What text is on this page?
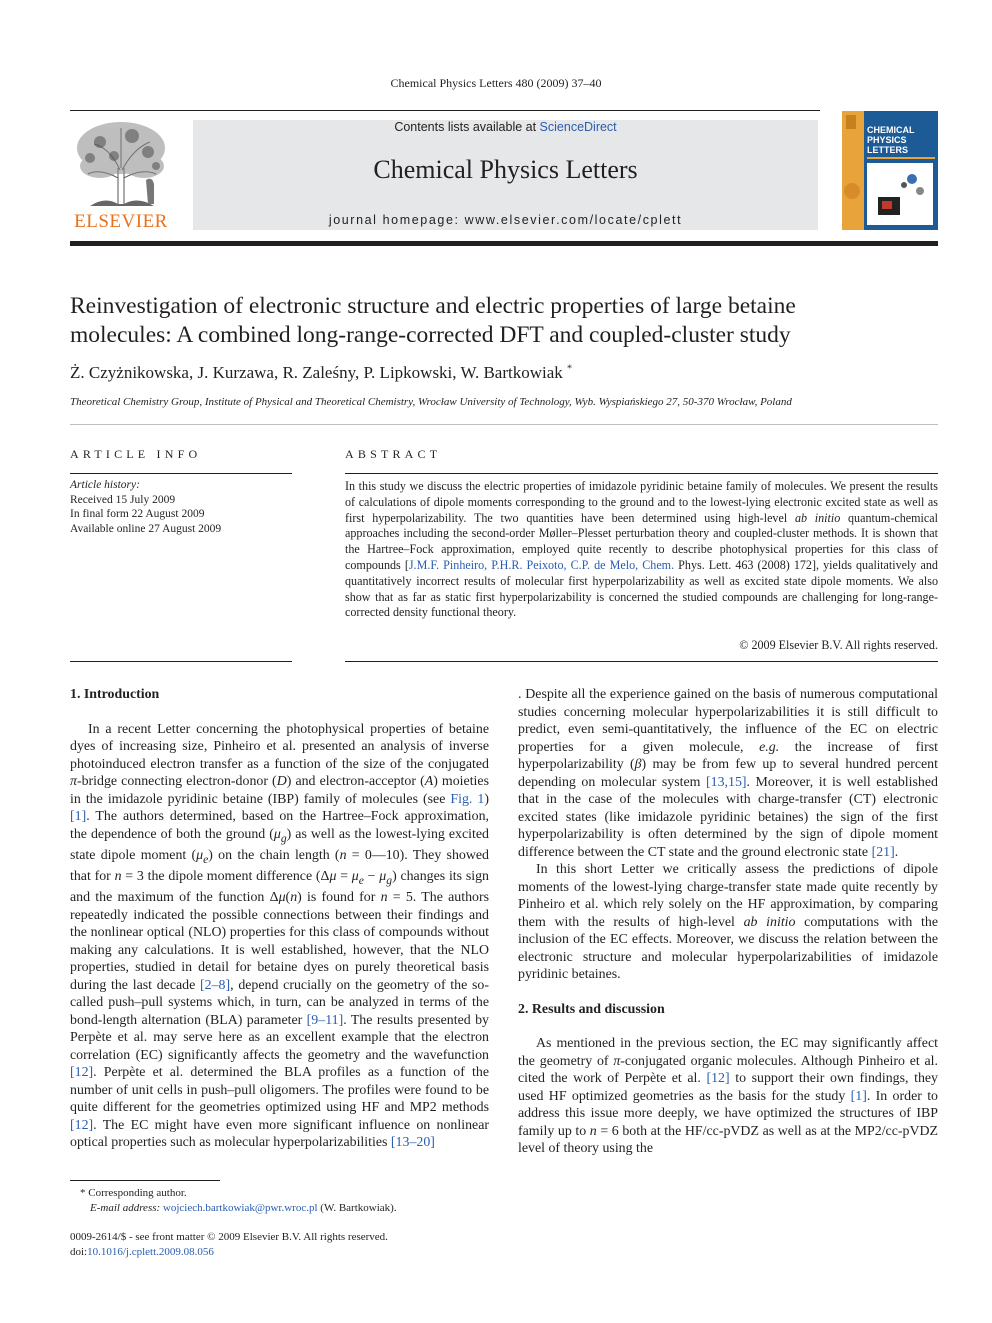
Chemical Physics Letters 480 (2009) 37–40
ELSEVIER
Contents lists available at ScienceDirect
Chemical Physics Letters
journal homepage: www.elsevier.com/locate/cplett
CHEMICAL
PHYSICS
LETTERS
Reinvestigation of electronic structure and electric properties of large betaine
molecules: A combined long-range-corrected DFT and coupled-cluster study
Ż. Czyżnikowska, J. Kurzawa, R. Zaleśny, P. Lipkowski, W. Bartkowiak *
Theoretical Chemistry Group, Institute of Physical and Theoretical Chemistry, Wrocław University of Technology, Wyb. Wyspiańskiego 27, 50-370 Wrocław, Poland
ARTICLE INFO
Article history:
Received 15 July 2009
In final form 22 August 2009
Available online 27 August 2009
ABSTRACT
In this study we discuss the electric properties of imidazole pyridinic betaine family of molecules. We present the results of calculations of dipole moments corresponding to the ground and to the lowest-lying electronic excited state as well as first hyperpolarizability. The two quantities have been determined using high-level ab initio quantum-chemical approaches including the second-order Møller–Plesset perturbation theory and coupled-cluster methods. It is shown that the Hartree–Fock approximation, employed quite recently to describe photophysical properties for this class of compounds [J.M.F. Pinheiro, P.H.R. Peixoto, C.P. de Melo, Chem. Phys. Lett. 463 (2008) 172], yields qualitatively and quantitatively incorrect results of molecular first hyperpolarizability as well as excited state dipole moments. We also show that as far as static first hyperpolarizability is concerned the studied compounds are challenging for long-range-corrected density functional theory.
© 2009 Elsevier B.V. All rights reserved.
1. Introduction

In a recent Letter concerning the photophysical properties of betaine dyes of increasing size, Pinheiro et al. presented an analysis of inverse photoinduced electron transfer as a function of the size of the conjugated π-bridge connecting electron-donor (D) and electron-acceptor (A) moieties in the imidazole pyridinic betaine (IBP) family of molecules (see Fig. 1) [1]. The authors determined, based on the Hartree–Fock approximation, the dependence of both the ground $(\mu_g)$ as well as the lowest-lying excited state dipole moment $(\mu_e)$ on the chain length (n = 0—10). They showed that for n = 3 the dipole moment difference $(\Delta\mu = \mu_e - \mu_g)$ changes its sign and the maximum of the function Δμ(n) is found for n = 5. The authors repeatedly indicated the possible connections between their findings and the nonlinear optical (NLO) properties for this class of compounds without making any calculations. It is well established, however, that the NLO properties, studied in detail for betaine dyes on purely theoretical basis during the last decade [2–8], depend crucially on the geometry of the so-called push–pull systems which, in turn, can be analyzed in terms of the bond-length alternation (BLA) parameter [9–11]. The results presented by Perpète et al. may serve here as an excellent example that the electron correlation (EC) significantly affects the geometry and the wavefunction [12]. Perpète et al. determined the BLA profiles as a function of the number of unit cells in push–pull oligomers. The profiles were found to be quite different for the geometries optimized using HF and MP2 methods [12]. The EC might have even more significant influence on nonlinear optical properties such as molecular hyperpolarizabilities [13–20]

. Despite all the experience gained on the basis of numerous computational studies concerning molecular hyperpolarizabilities it is still difficult to predict, even semi-quantitatively, the influence of the EC on electric properties for a given molecule, e.g. the increase of first hyperpolarizability (β) may be from few up to several hundred percent depending on molecular system [13,15]. Moreover, it is well established that in the case of the molecules with charge-transfer (CT) electronic excited states (like imidazole pyridinic betaines) the sign of the first hyperpolarizability is often determined by the sign of dipole moment difference between the CT state and the ground electronic state [21].

In this short Letter we critically assess the predictions of dipole moments of the lowest-lying charge-transfer state made quite recently by Pinheiro et al. which rely solely on the HF approximation, by comparing them with the results of high-level ab initio computations with the inclusion of the EC effects. Moreover, we discuss the relation between the electronic structure and molecular hyperpolarizabilities of imidazole pyridinic betaines.

2. Results and discussion

As mentioned in the previous section, the EC may significantly affect the geometry of π-conjugated organic molecules. Although Pinheiro et al. cited the work of Perpète et al. [12] to support their own findings, they used HF optimized geometries as the basis for the study [1]. In order to address this issue more deeply, we have optimized the structures of IBP family up to n = 6 both at the HF/cc-pVDZ as well as at the MP2/cc-pVDZ level of theory using the

* Corresponding author.
E-mail address: wojciech.bartkowiak@pwr.wroc.pl (W. Bartkowiak).
0009-2614/$ - see front matter © 2009 Elsevier B.V. All rights reserved.
doi:10.1016/j.cplett.2009.08.056
